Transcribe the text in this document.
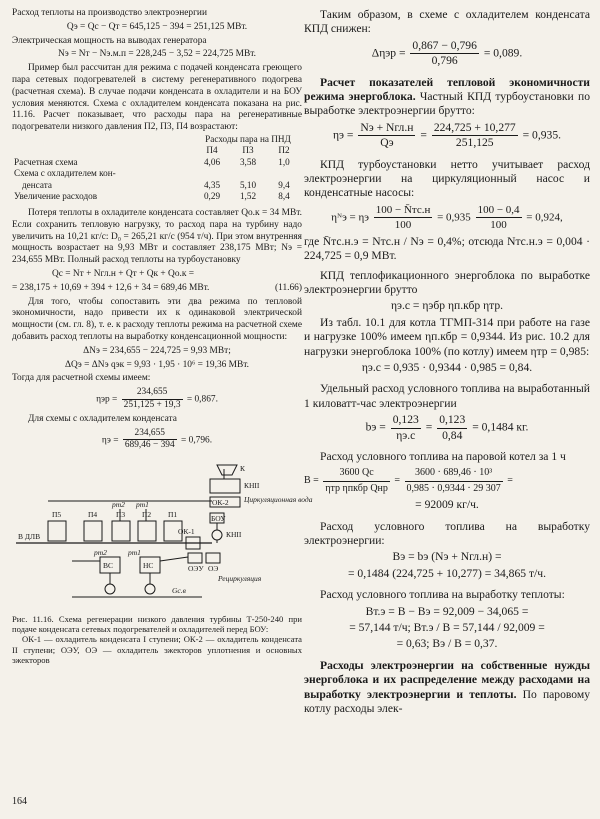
Расход теплоты на производство электроэнергии

Qэ = Qс − Qт = 645,125 − 394 = 251,125 МВт.

Электрическая мощность на выводах генератора

Nэ = Nт − Nэ.м.п = 228,245 − 3,52 = 224,725 МВт.

Пример был рассчитан для режима с подачей конденсата греющего пара сетевых подогревателей в систему регенеративного подогрева (расчетная схема). В случае подачи конденсата в охладители и на БОУ условия меняются. Схема с охладителем конденсата показана на рис. 11.16. Расчет показывает, что расходы пара на регенеративные подогреватели низкого давления П2, П3, П4 возрастают:

	Расходы пара на ПНД		
	П4	П3	П2
Расчетная схема	4,06	3,58	1,0
Схема с охладителем кон-			
денсата	4,35	5,10	9,4
Увеличение расходов	0,29	1,52	8,4

Потеря теплоты в охладителе конденсата составляет Qо.к = 34 МВт. Если сохранить тепловую нагрузку, то расход пара на турбину надо увеличить на 10,21 кг/с: D₀ = 265,21 кг/с (954 т/ч). При этом внутренняя мощность возрастает на 9,93 МВт и составляет 238,175 МВт; Nэ = 234,655 МВт. Полный расход теплоты на турбоустановку

Qс = Nт + Nгл.н + Qт + Qк + Qо.к =

= 238,175 + 10,69 + 394 + 12,6 + 34 = 689,46 МВт.	(11.66)

Для того, чтобы сопоставить эти два режима по тепловой экономичности, надо привести их к одинаковой электрической мощности (см. гл. 8), т. е. к расходу теплоты режима на расчетной схеме добавить расход теплоты на выработку конденсационной мощности:

ΔNэ = 234,655 − 224,725 = 9,93 МВт;

ΔQэ = ΔNэ qэк = 9,93 · 1,95 · 10⁶ = 19,36 МВт.

Тогда для расчетной схемы имеем:

$\eta эр = \frac{234,655}{251,125 + 19,3} = 0,867$.

Для схемы с охладителем конденсата

$\eta э = \frac{234,655}{689,46 - 394} = 0,796$.

К
КНII
ОК-2 Циркуляционная вода
БОУ
КНII
В ДЛВ
П5	П4	П3 П2 П1
pт2 pт1
ОК-1
ОЭУ ОЭ
Рециркуляция
ВС	НС
pт2	pт1
Gс.в

Рис. 11.16. Схема регенерации низкого давления турбины Т-250-240 при подаче конденсата сетевых подогревателей и охладителей перед БОУ:

ОК-1 — охладитель конденсата I ступени; ОК-2 — охладитель конденсата II ступени; ОЭУ, ОЭ — охладитель эжекторов уплотнения и основных эжекторов

164

Таким образом, в схеме с охладителем конденсата КПД снижен:

$\Delta\eta эр = \frac{0,867 - 0,796}{0,796} = 0,089$.

Расчет показателей тепловой экономичности режима энергоблока. Частный КПД турбоустановки по выработке электроэнергии брутто:

$\eta э = \frac{\text{Nэ + Nгл.н}}{Qэ} = \frac{224,725 + 10,277}{251,125} = 0,935$.

КПД турбоустановки нетто учитывает расход электроэнергии на циркуляционный насос и конденсатные насосы:

ηᴺэ = ηэ $\frac{100 - N̄тс.н}{100} = 0,935 \frac{100 - 0,4}{100} = 0,924$,

где N̄тс.н.э = Nтс.н / Nэ = 0,4%; отсюда Nтс.н.э = 0,004 · 224,725 = 0,9 МВт.

КПД теплофикационного энергоблока по выработке электроэнергии брутто

ηэ.с = ηэбр ηп.кбр ηтр.

Из табл. 10.1 для котла ТГМП-314 при работе на газе и нагрузке 100% имеем ηп.кбр = 0,9344. Из рис. 10.2 для нагрузки энергоблока 100% (по котлу) имеем ηтр = 0,985:

ηэ.с = 0,935 · 0,9344 · 0,985 = 0,84.

Удельный расход условного топлива на выработанный 1 киловатт-час электроэнергии

bэ = $\frac{0,123}{\eta э.с} = \frac{0,123}{0,84} = 0,1484$ кг.

Расход условного топлива на паровой котел за 1 ч

$B = \frac{3600 Qс}{\text{ηтр ηпкбр Qнр}} = \frac{\text{3600 · 689,46 · 10³}}{0,985 \cdot 0,9344 \cdot 29 307}$ =

= 92009 кг/ч.

Расход условного топлива на выработку электроэнергии:

Bэ = bэ (Nэ + Nгл.н) =

= 0,1484 (224,725 + 10,277) = 34,865 т/ч.

Расход условного топлива на выработку теплоты:

Bт.э = B − Bэ = 92,009 − 34,065 =

= 57,144 т/ч; Bт.э / B = 57,144 / 92,009 =

= 0,63; Bэ / B = 0,37.

Расходы электроэнергии на собственные нужды энергоблока и их распределение между расходами на выработку электроэнергии и теплоты. По паровому котлу расходы элек-
